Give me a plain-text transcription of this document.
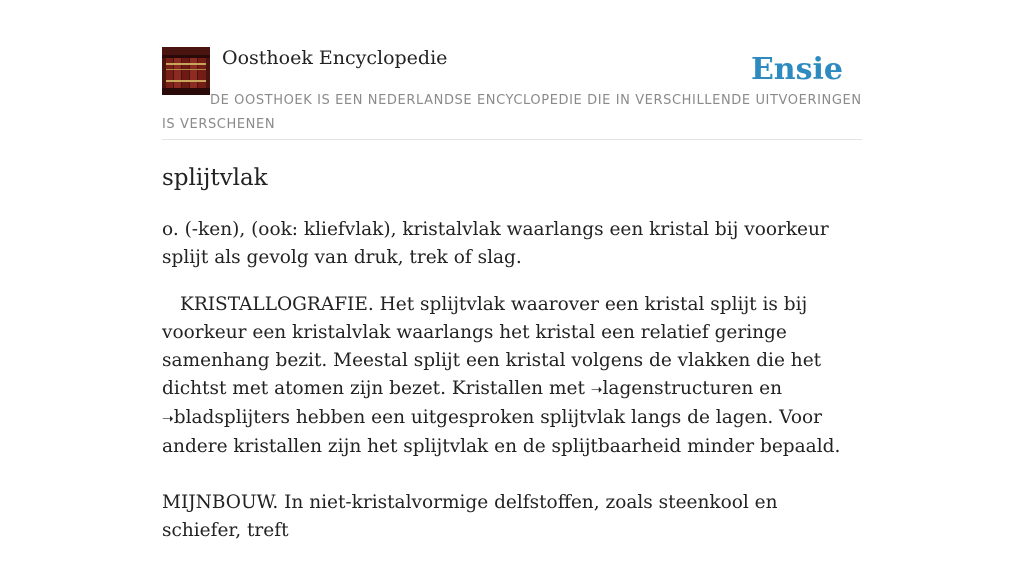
Oosthoek Encyclopedie	Ensie
DE OOSTHOEK IS EEN NEDERLANDSE ENCYCLOPEDIE DIE IN VERSCHILLENDE UITVOERINGEN IS VERSCHENEN
splijtvlak

o. (-ken), (ook: kliefvlak), kristalvlak waarlangs een kristal bij voorkeur splijt als gevolg van druk, trek of slag.

KRISTALLOGRAFIE. Het splijtvlak waarover een kristal splijt is bij voorkeur een kristalvlak waarlangs het kristal een relatief geringe samenhang bezit. Meestal splijt een kristal volgens de vlakken die het dichtst met atomen zijn bezet. Kristallen met ➝lagenstructuren en ➝bladsplijters hebben een uitgesproken splijtvlak langs de lagen. Voor andere kristallen zijn het splijtvlak en de splijtbaarheid minder bepaald.

MIJNBOUW. In niet-kristalvormige delfstoffen, zoals steenkool en schiefer, treft
